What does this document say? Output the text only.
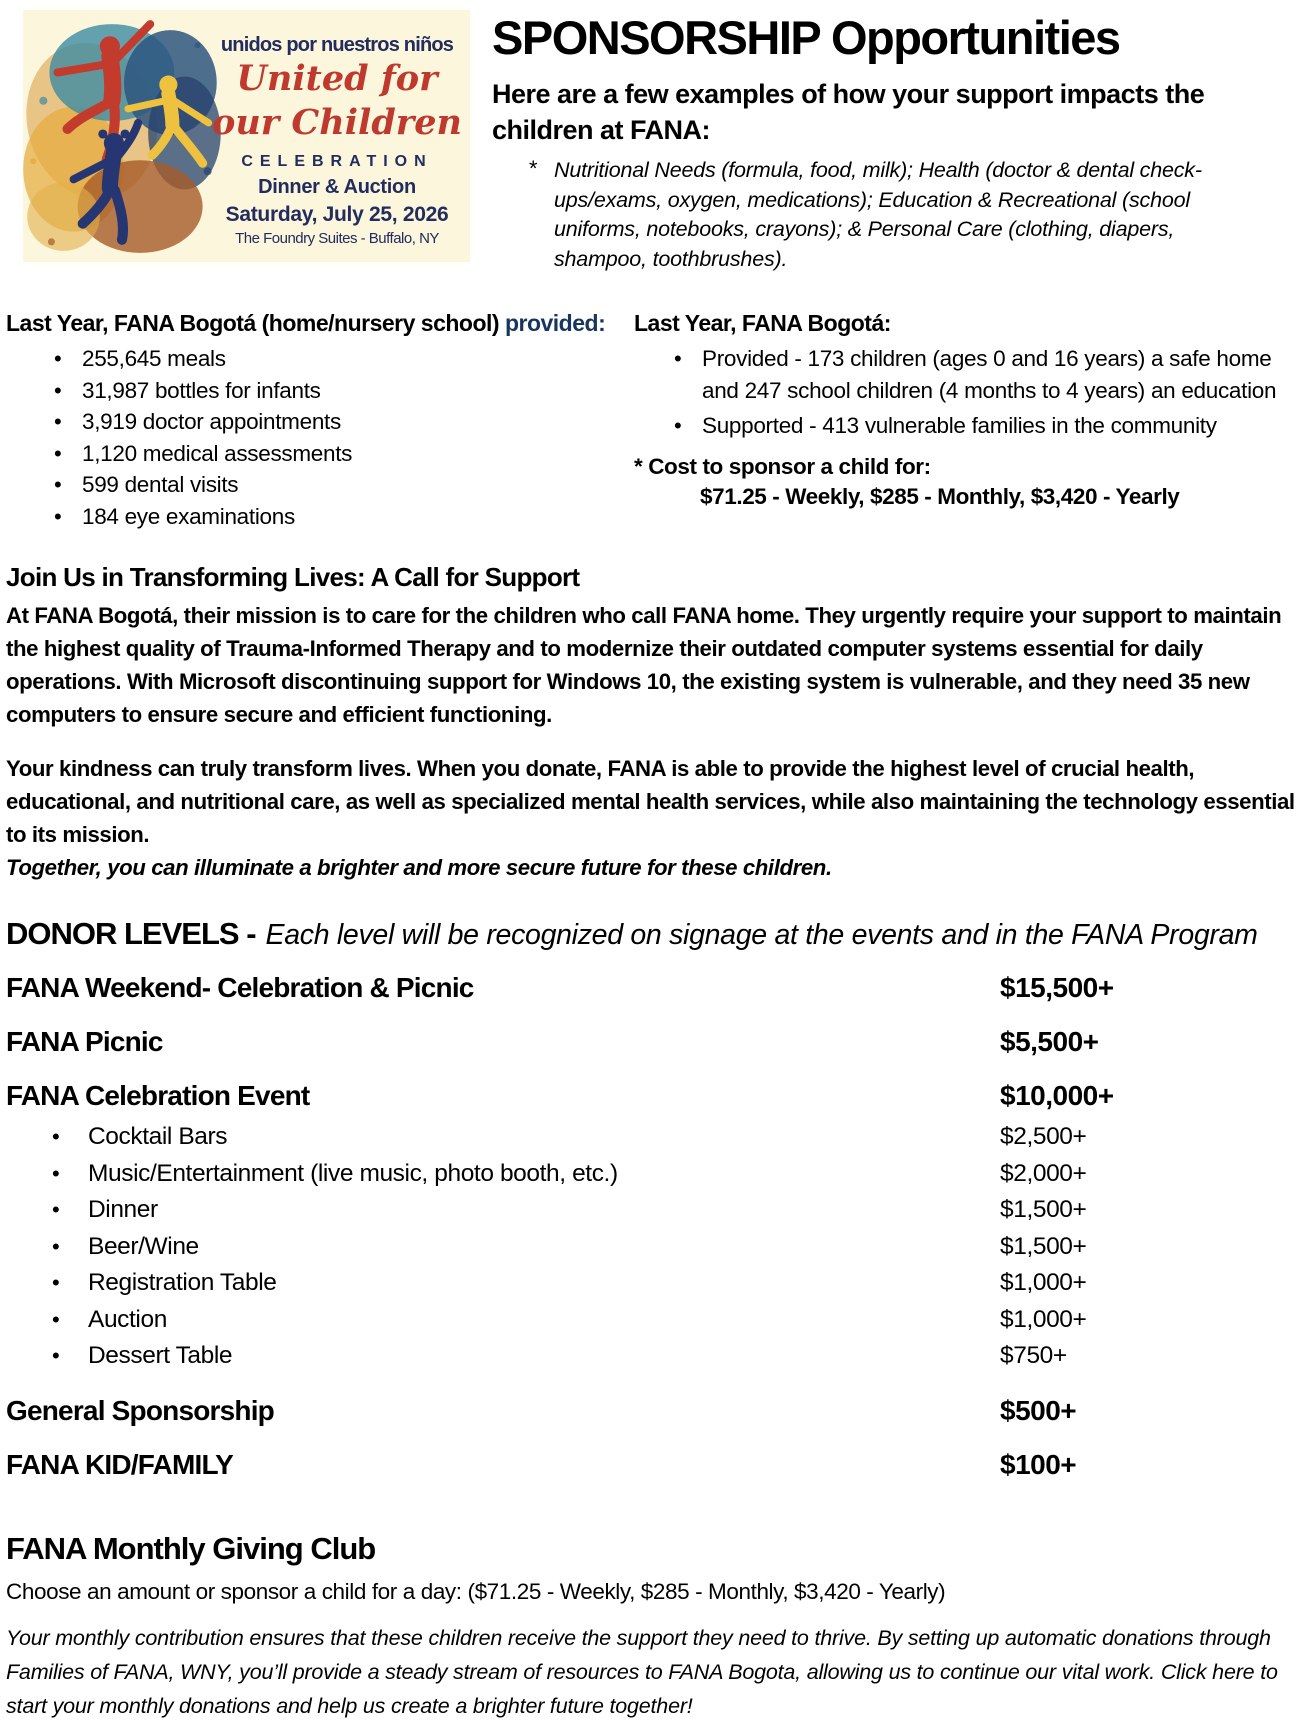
unidos por nuestros niños
United for
our Children
CELEBRATION
Dinner & Auction
Saturday, July 25, 2026
The Foundry Suites - Buffalo, NY
SPONSORSHIP Opportunities
Here are a few examples of how your support impacts the children at FANA:
* Nutritional Needs (formula, food, milk); Health (doctor & dental check-ups/exams, oxygen, medications); Education & Recreational (school uniforms, notebooks, crayons); & Personal Care (clothing, diapers, shampoo, toothbrushes).
Last Year, FANA Bogotá (home/nursery school) provided:
• 255,645 meals
• 31,987 bottles for infants
• 3,919 doctor appointments
• 1,120 medical assessments
• 599 dental visits
• 184 eye examinations
Last Year, FANA Bogotá:
• Provided - 173 children (ages 0 and 16 years) a safe home and 247 school children (4 months to 4 years) an education
• Supported - 413 vulnerable families in the community
* Cost to sponsor a child for:
$71.25 - Weekly, $285 - Monthly, $3,420 - Yearly
Join Us in Transforming Lives: A Call for Support
At FANA Bogotá, their mission is to care for the children who call FANA home. They urgently require your support to maintain the highest quality of Trauma-Informed Therapy and to modernize their outdated computer systems essential for daily operations. With Microsoft discontinuing support for Windows 10, the existing system is vulnerable, and they need 35 new computers to ensure secure and efficient functioning.
Your kindness can truly transform lives. When you donate, FANA is able to provide the highest level of crucial health, educational, and nutritional care, as well as specialized mental health services, while also maintaining the technology essential to its mission.
Together, you can illuminate a brighter and more secure future for these children.
DONOR LEVELS - Each level will be recognized on signage at the events and in the FANA Program
FANA Weekend- Celebration & Picnic	$15,500+
FANA Picnic	$5,500+
FANA Celebration Event	$10,000+
• Cocktail Bars	$2,500+
• Music/Entertainment (live music, photo booth, etc.)	$2,000+
• Dinner	$1,500+
• Beer/Wine	$1,500+
• Registration Table	$1,000+
• Auction	$1,000+
• Dessert Table	$750+
General Sponsorship	$500+
FANA KID/FAMILY	$100+
FANA Monthly Giving Club
Choose an amount or sponsor a child for a day: ($71.25 - Weekly, $285 - Monthly, $3,420 - Yearly)
Your monthly contribution ensures that these children receive the support they need to thrive. By setting up automatic donations through Families of FANA, WNY, you’ll provide a steady stream of resources to FANA Bogota, allowing us to continue our vital work. Click here to start your monthly donations and help us create a brighter future together!
